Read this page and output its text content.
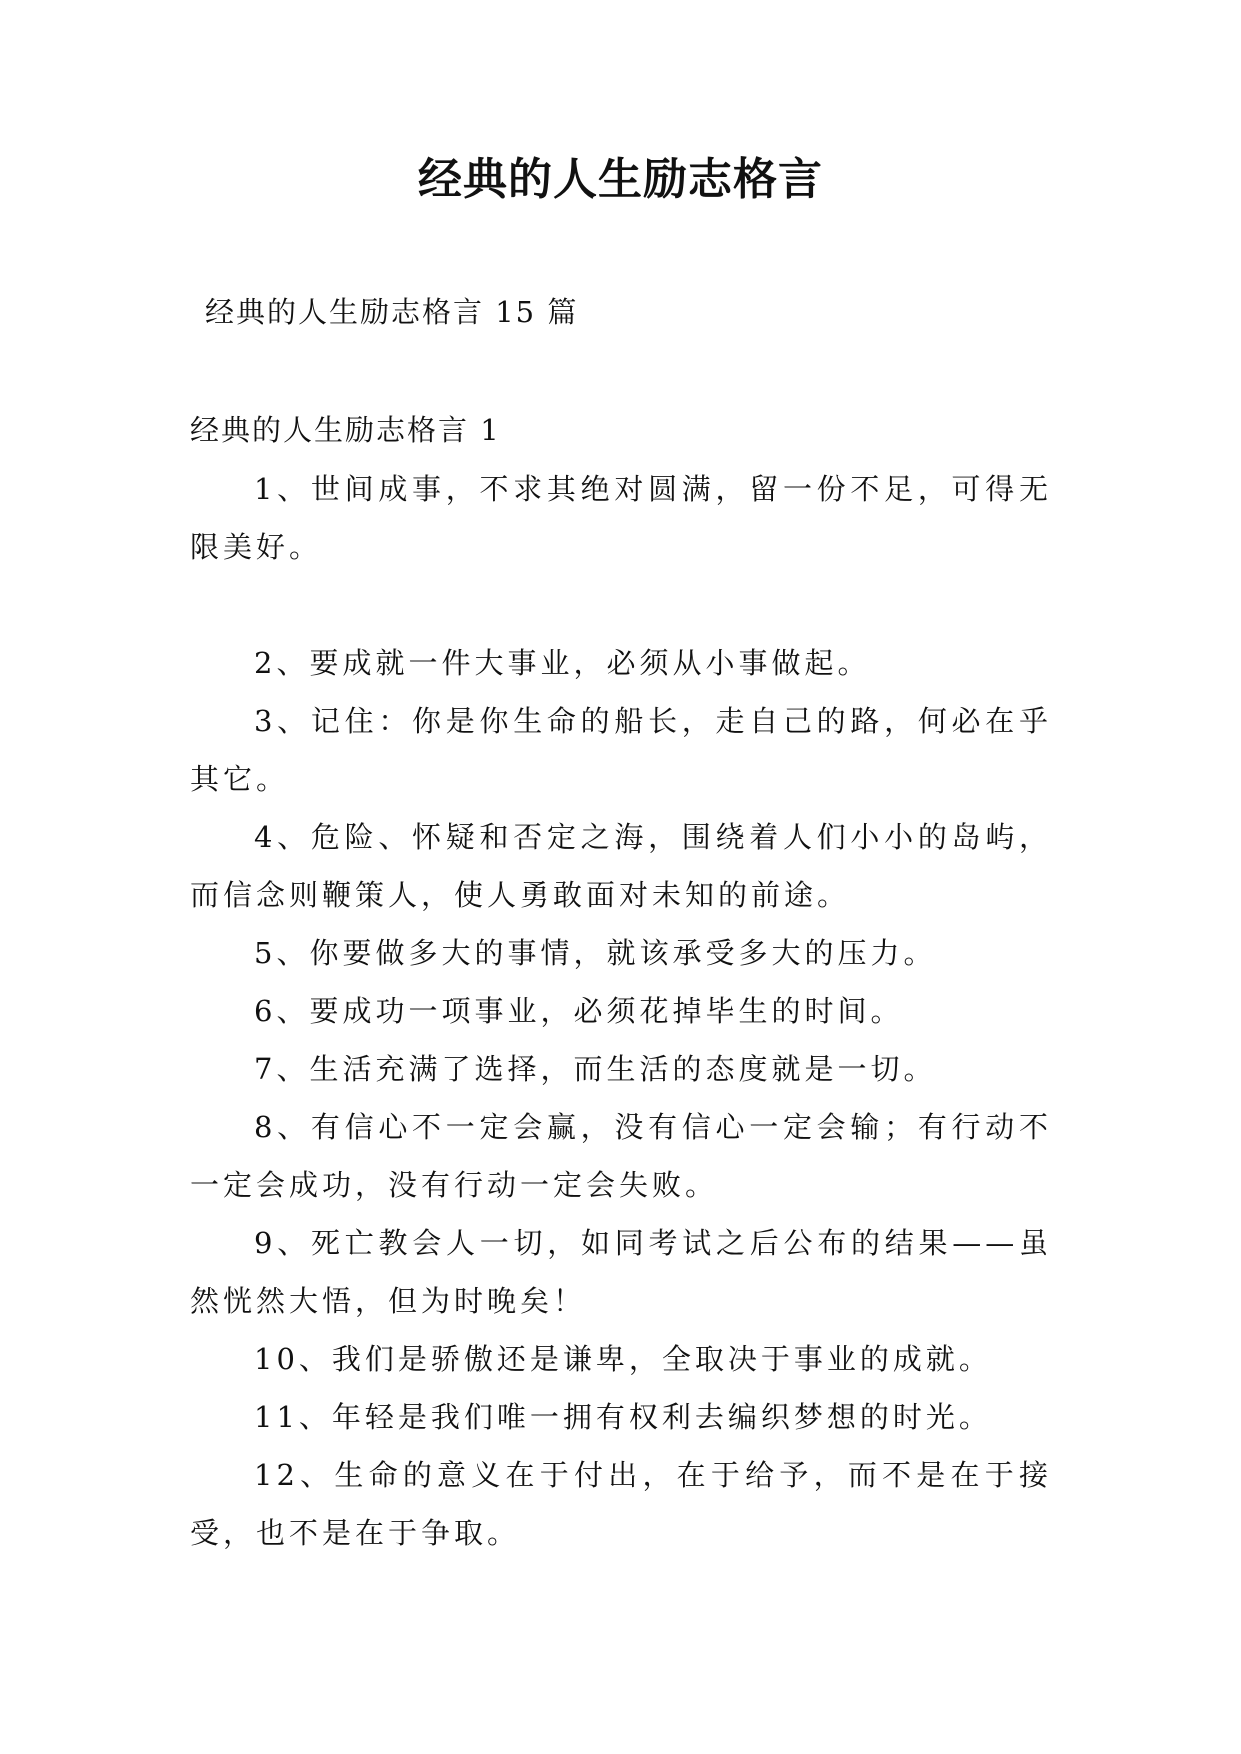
经典的人生励志格言
经典的人生励志格言 15 篇
经典的人生励志格言 1
1、世间成事，不求其绝对圆满，留一份不足，可得无限美好。
2、要成就一件大事业，必须从小事做起。
3、记住：你是你生命的船长，走自己的路，何必在乎其它。
4、危险、怀疑和否定之海，围绕着人们小小的岛屿，而信念则鞭策人，使人勇敢面对未知的前途。
5、你要做多大的事情，就该承受多大的压力。
6、要成功一项事业，必须花掉毕生的时间。
7、生活充满了选择，而生活的态度就是一切。
8、有信心不一定会赢，没有信心一定会输；有行动不一定会成功，没有行动一定会失败。
9、死亡教会人一切，如同考试之后公布的结果——虽然恍然大悟，但为时晚矣！
10、我们是骄傲还是谦卑，全取决于事业的成就。
11、年轻是我们唯一拥有权利去编织梦想的时光。
12、生命的意义在于付出，在于给予，而不是在于接受，也不是在于争取。
